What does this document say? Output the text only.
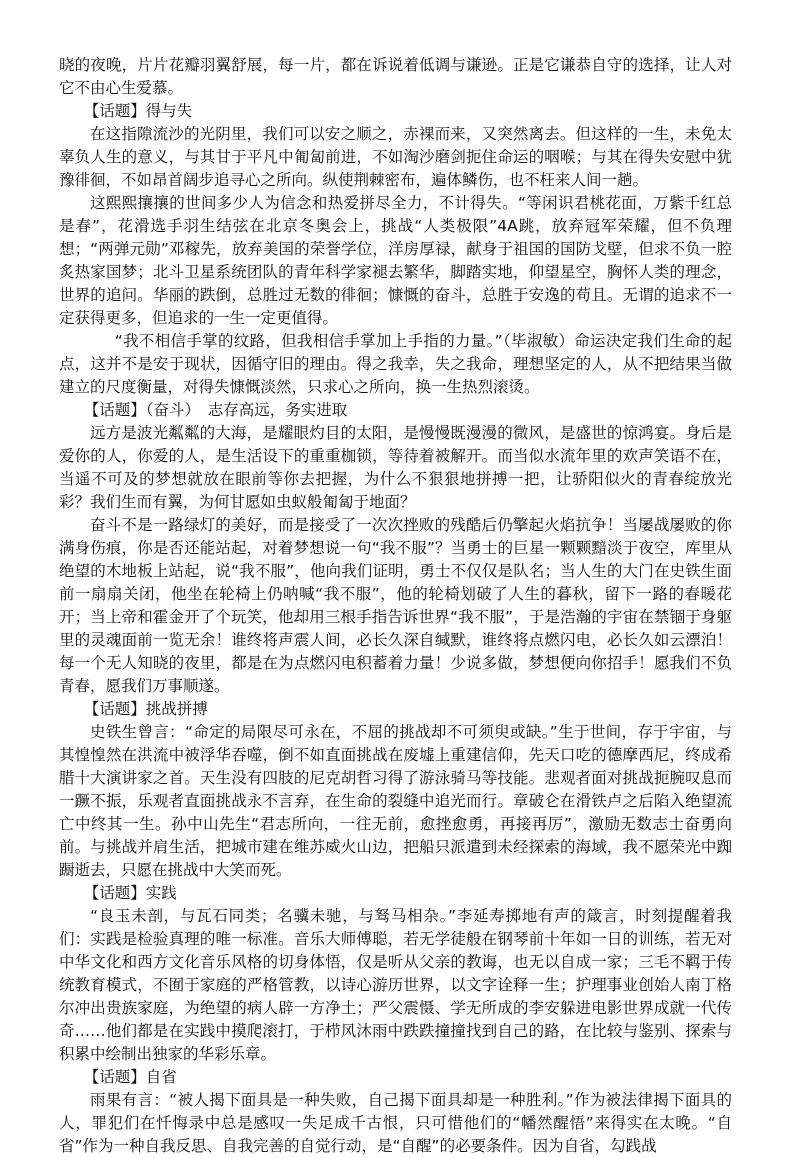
晓的夜晚，片片花瓣羽翼舒展，每一片，都在诉说着低调与谦逊。正是它谦恭自守的选择，让人对它不由心生爱慕。

【话题】得与失

在这指隙流沙的光阴里，我们可以安之顺之，赤裸而来，又突然离去。但这样的一生，未免太辜负人生的意义，与其甘于平凡中匍匐前进，不如淘沙磨剑扼住命运的咽喉；与其在得失安慰中犹豫徘徊，不如昂首阔步追寻心之所向。纵使荆棘密布，遍体鳞伤，也不枉来人间一趟。

这熙熙攘攘的世间多少人为信念和热爱拼尽全力，不计得失。“等闲识君桃花面，万紫千红总是春”，花滑选手羽生结弦在北京冬奥会上，挑战“人类极限”4A跳，放弃冠军荣耀，但不负理想；“两弹元勋”邓稼先，放弃美国的荣誉学位，洋房厚禄，献身于祖国的国防戈壁，但求不负一腔炙热家国梦；北斗卫星系统团队的青年科学家褪去繁华，脚踏实地，仰望星空，胸怀人类的理念，世界的追问。华丽的跌倒，总胜过无数的徘徊；慷慨的奋斗，总胜于安逸的苟且。无谓的追求不一定获得更多，但追求的一生一定更值得。

“我不相信手掌的纹路，但我相信手掌加上手指的力量。”（毕淑敏）命运决定我们生命的起点，这并不是安于现状，因循守旧的理由。得之我幸，失之我命，理想坚定的人，从不把结果当做建立的尺度衡量，对得失慷慨淡然，只求心之所向，换一生热烈滚烫。

【话题】（奋斗）　志存高远，务实进取

远方是波光粼粼的大海，是耀眼灼目的太阳，是慢慢既漫漫的微风，是盛世的惊鸿宴。身后是爱你的人，你爱的人，是生活设下的重重枷锁，等待着被解开。而当似水流年里的欢声笑语不在，当遥不可及的梦想就放在眼前等你去把握，为什么不狠狠地拼搏一把，让骄阳似火的青春绽放光彩？我们生而有翼，为何甘愿如虫蚁般匍匐于地面？

奋斗不是一路绿灯的美好，而是接受了一次次挫败的残酷后仍擎起火焰抗争！当屡战屡败的你满身伤痕，你是否还能站起，对着梦想说一句“我不服”？当勇士的巨星一颗颗黯淡于夜空，库里从绝望的木地板上站起，说“我不服”，他向我们证明，勇士不仅仅是队名；当人生的大门在史铁生面前一扇扇关闭，他坐在轮椅上仍呐喊“我不服”，他的轮椅划破了人生的暮秋，留下一路的春暖花开；当上帝和霍金开了个玩笑，他却用三根手指告诉世界“我不服”，于是浩瀚的宇宙在禁锢于身躯里的灵魂面前一览无余！谁终将声震人间，必长久深自缄默，谁终将点燃闪电，必长久如云漂泊！每一个无人知晓的夜里，都是在为点燃闪电积蓄着力量！少说多做，梦想便向你招手！愿我们不负青春，愿我们万事顺遂。

【话题】挑战拼搏

史铁生曾言：“命定的局限尽可永在，不屈的挑战却不可须臾或缺。”生于世间，存于宇宙，与其惶惶然在洪流中被浮华吞噬，倒不如直面挑战在废墟上重建信仰，先天口吃的德摩西尼，终成希腊十大演讲家之首。天生没有四肢的尼克胡哲习得了游泳骑马等技能。悲观者面对挑战扼腕叹息而一蹶不振，乐观者直面挑战永不言弃，在生命的裂缝中追光而行。章破仑在滑铁卢之后陷入绝望流亡中终其一生。孙中山先生“君志所向，一往无前，愈挫愈勇，再接再厉”，激励无数志士奋勇向前。与挑战并肩生活，把城市建在维苏威火山边，把船只派遣到未经探索的海域，我不愿荣光中踟蹰逝去，只愿在挑战中大笑而死。

【话题】实践

“良玉未剖，与瓦石同类；名骥未驰，与驽马相杂。”李延寿掷地有声的箴言，时刻提醒着我们：实践是检验真理的唯一标准。音乐大师傅聪，若无学徒般在钢琴前十年如一日的训练，若无对中华文化和西方文化音乐风格的切身体悟，仅是听从父亲的教诲，也无以自成一家；三毛不羁于传统教育模式，不囿于家庭的严格管教，以诗心游历世界，以文字诠释一生；护理事业创始人南丁格尔冲出贵族家庭，为绝望的病人辟一方净土；严父震慑、学无所成的李安躲进电影世界成就一代传奇……他们都是在实践中摸爬滚打，于栉风沐雨中跌跌撞撞找到自己的路，在比较与鉴别、探索与积累中绘制出独家的华彩乐章。

【话题】自省

雨果有言：“被人揭下面具是一种失败，自己揭下面具却是一种胜利。”作为被法律揭下面具的人，罪犯们在忏悔录中总是感叹一失足成千古恨，只可惜他们的“幡然醒悟”来得实在太晚。“自省”作为一种自我反思、自我完善的自觉行动，是“自醒”的必要条件。因为自省，勾践战
